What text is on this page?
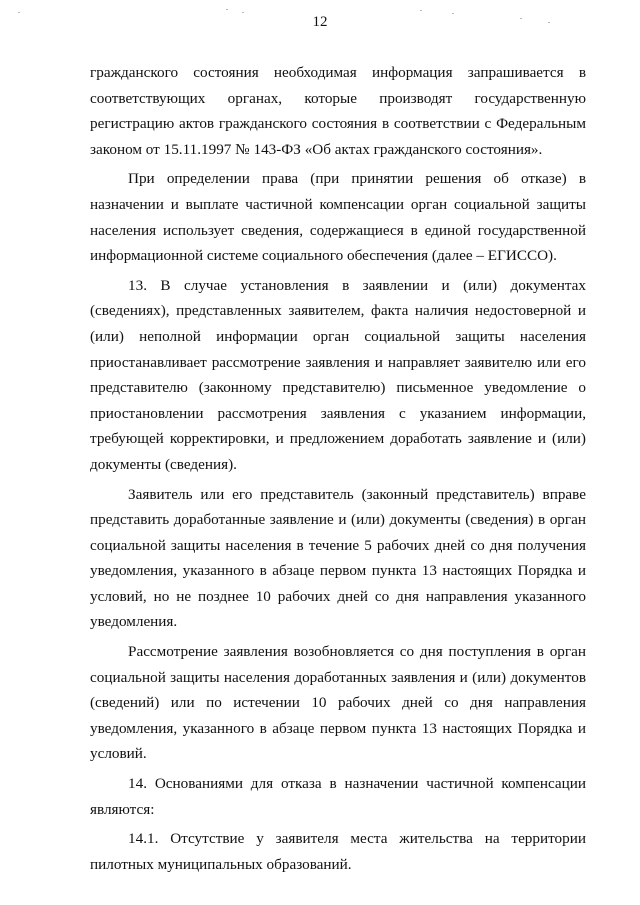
12

гражданского состояния необходимая информация запрашивается в соответствующих органах, которые производят государственную регистрацию актов гражданского состояния в соответствии с Федеральным законом от 15.11.1997 № 143-ФЗ «Об актах гражданского состояния».

При определении права (при принятии решения об отказе) в назначении и выплате частичной компенсации орган социальной защиты населения использует сведения, содержащиеся в единой государственной информационной системе социального обеспечения (далее – ЕГИССО).

13. В случае установления в заявлении и (или) документах (сведениях), представленных заявителем, факта наличия недостоверной и (или) неполной информации орган социальной защиты населения приостанавливает рассмотрение заявления и направляет заявителю или его представителю (законному представителю) письменное уведомление о приостановлении рассмотрения заявления с указанием информации, требующей корректировки, и предложением доработать заявление и (или) документы (сведения).

Заявитель или его представитель (законный представитель) вправе представить доработанные заявление и (или) документы (сведения) в орган социальной защиты населения в течение 5 рабочих дней со дня получения уведомления, указанного в абзаце первом пункта 13 настоящих Порядка и условий, но не позднее 10 рабочих дней со дня направления указанного уведомления.

Рассмотрение заявления возобновляется со дня поступления в орган социальной защиты населения доработанных заявления и (или) документов (сведений) или по истечении 10 рабочих дней со дня направления уведомления, указанного в абзаце первом пункта 13 настоящих Порядка и условий.

14. Основаниями для отказа в назначении частичной компенсации являются:

14.1. Отсутствие у заявителя места жительства на территории пилотных муниципальных образований.
